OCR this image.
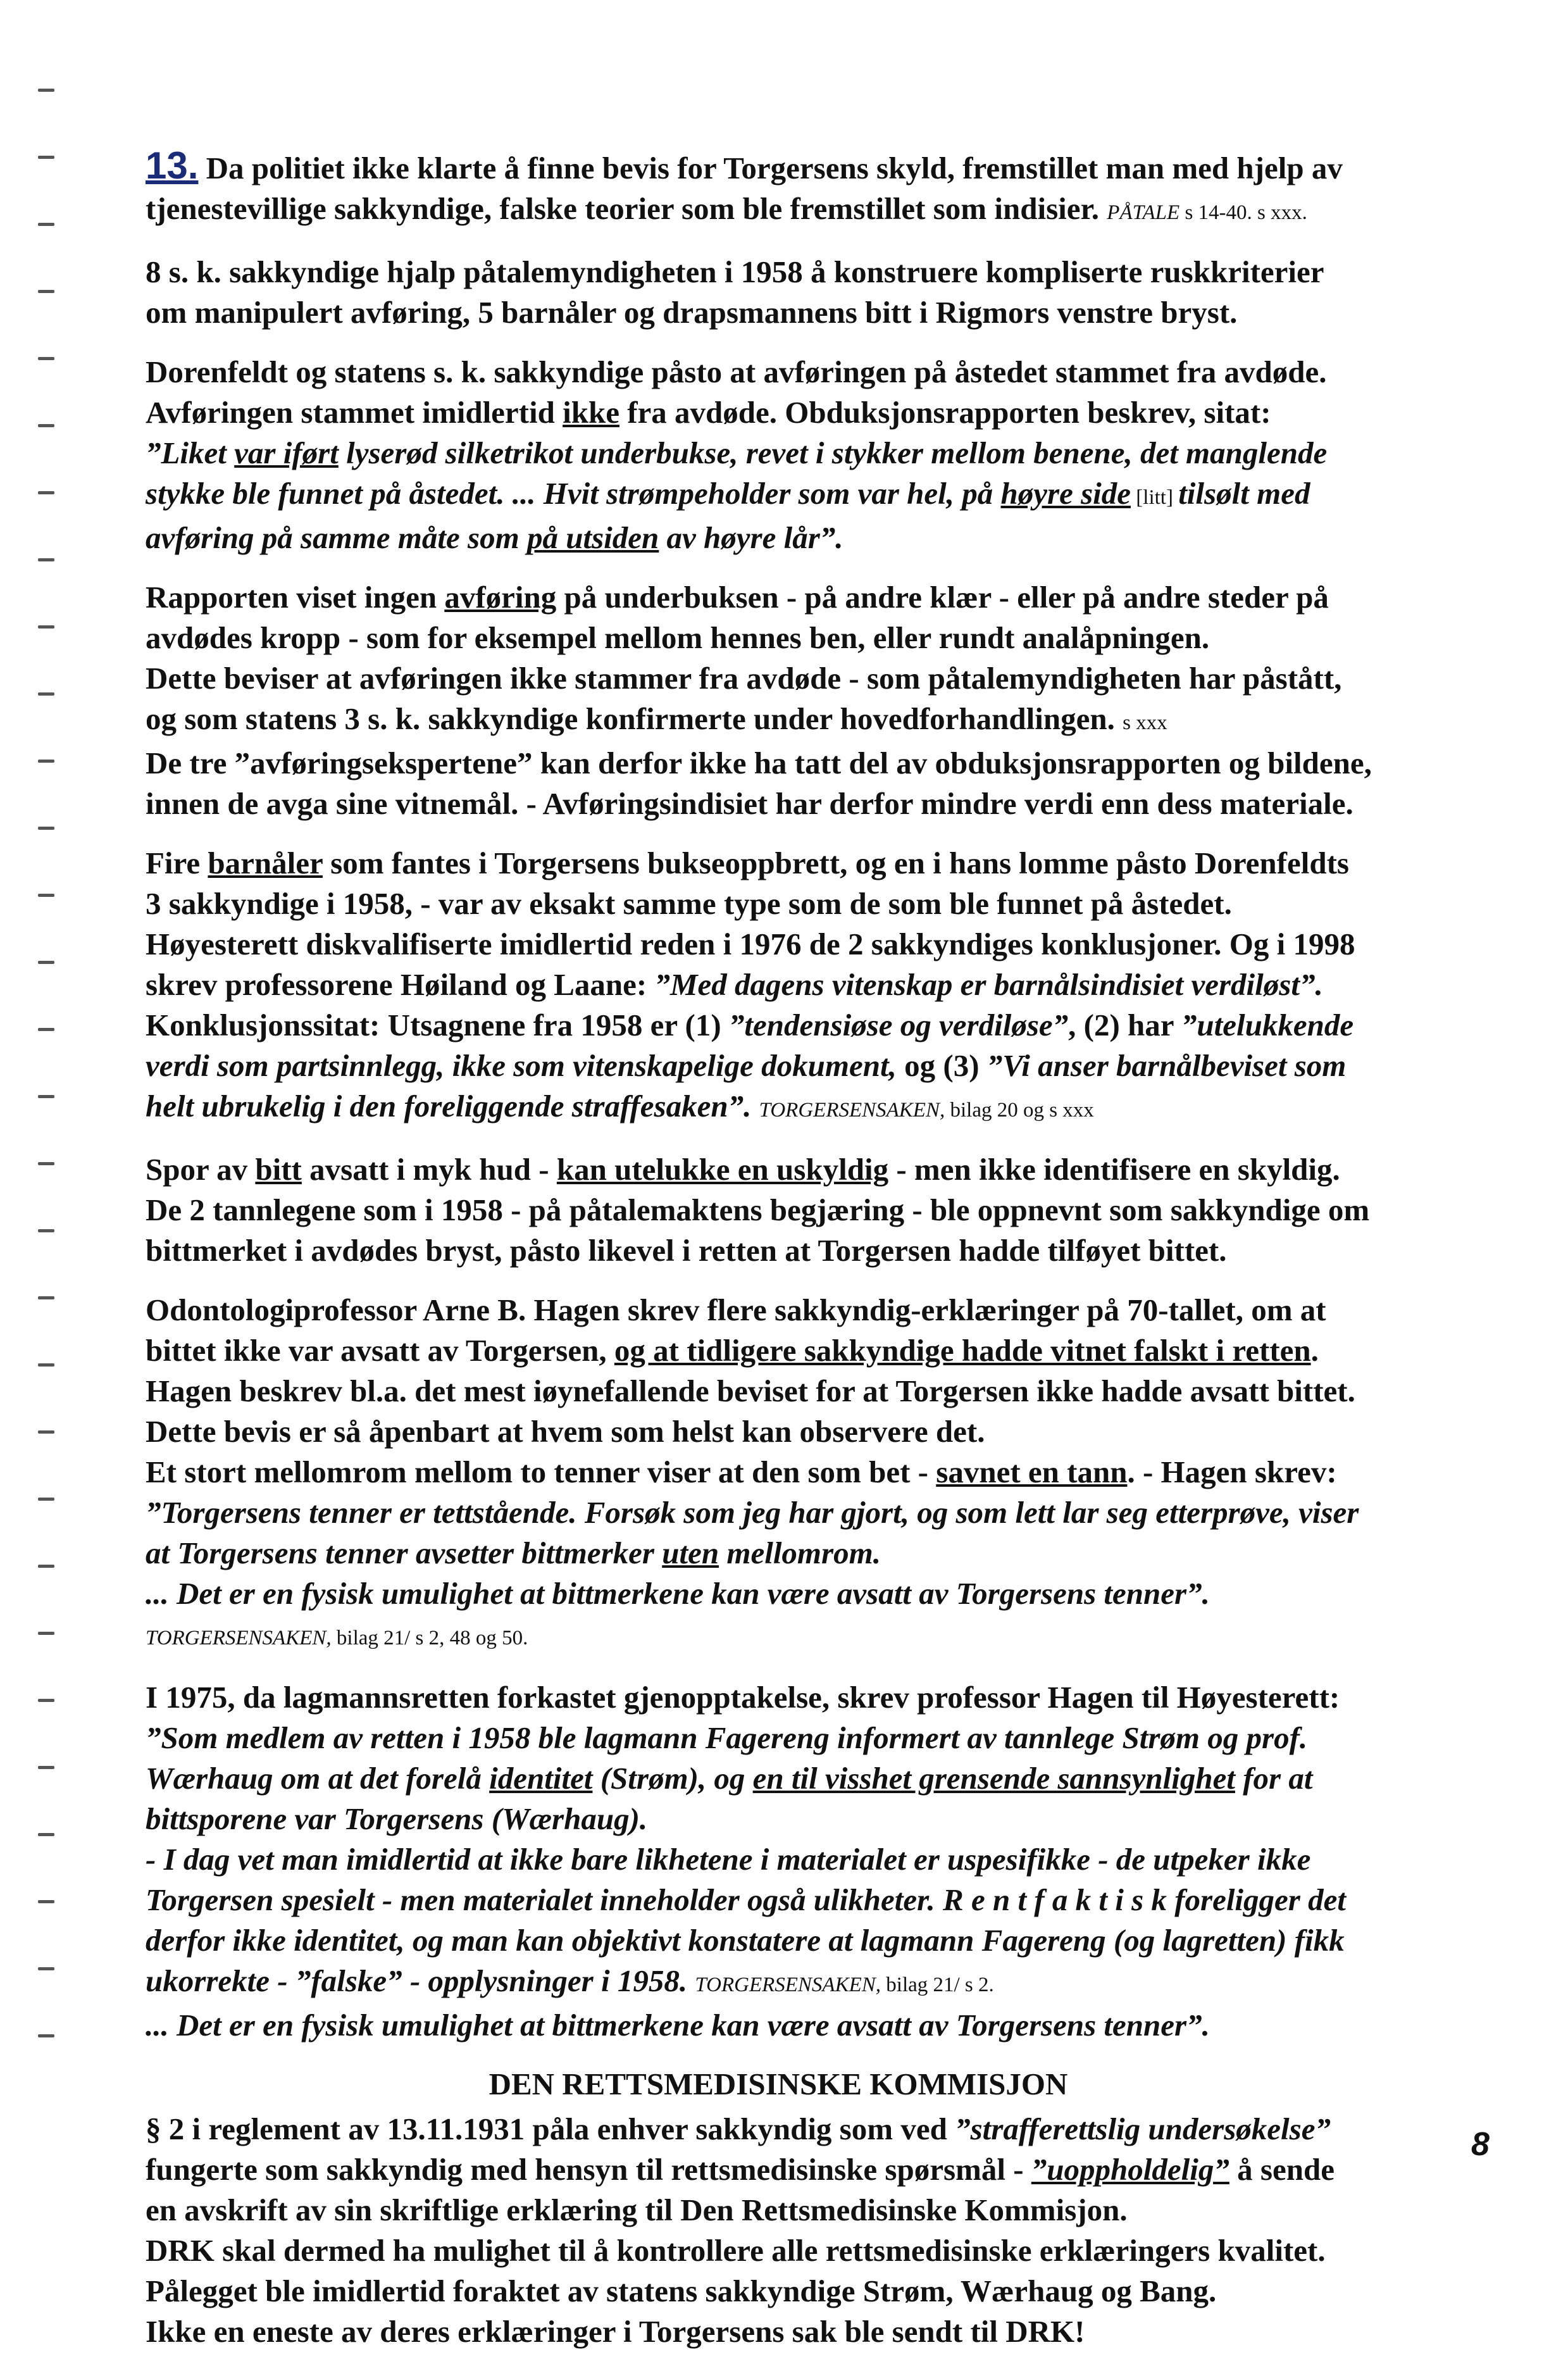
13. Da politiet ikke klarte å finne bevis for Torgersens skyld, fremstillet man med hjelp av
tjenestevillige sakkyndige, falske teorier som ble fremstillet som indisier. PÅTALE s 14-40. s xxx.

8 s. k. sakkyndige hjalp påtalemyndigheten i 1958 å konstruere kompliserte ruskkriterier
om manipulert avføring, 5 barnåler og drapsmannens bitt i Rigmors venstre bryst.

Dorenfeldt og statens s. k. sakkyndige påsto at avføringen på åstedet stammet fra avdøde.
Avføringen stammet imidlertid ikke fra avdøde. Obduksjonsrapporten beskrev, sitat:
”Liket var iført lyserød silketrikot underbukse, revet i stykker mellom benene, det manglende
stykke ble funnet på åstedet. ... Hvit strømpeholder som var hel, på høyre side [litt] tilsølt med
avføring på samme måte som på utsiden av høyre lår”.

Rapporten viset ingen avføring på underbuksen - på andre klær - eller på andre steder på
avdødes kropp - som for eksempel mellom hennes ben, eller rundt analåpningen.
Dette beviser at avføringen ikke stammer fra avdøde - som påtalemyndigheten har påstått,
og som statens 3 s. k. sakkyndige konfirmerte under hovedforhandlingen. s xxx
De tre ”avføringsekspertene” kan derfor ikke ha tatt del av obduksjonsrapporten og bildene,
innen de avga sine vitnemål. - Avføringsindisiet har derfor mindre verdi enn dess materiale.

Fire barnåler som fantes i Torgersens bukseoppbrett, og en i hans lomme påsto Dorenfeldts
3 sakkyndige i 1958, - var av eksakt samme type som de som ble funnet på åstedet.
Høyesterett diskvalifiserte imidlertid reden i 1976 de 2 sakkyndiges konklusjoner. Og i 1998
skrev professorene Høiland og Laane: ”Med dagens vitenskap er barnålsindisiet verdiløst”.
Konklusjonssitat: Utsagnene fra 1958 er (1) ”tendensiøse og verdiløse”, (2) har ”utelukkende
verdi som partsinnlegg, ikke som vitenskapelige dokument, og (3) ”Vi anser barnålbeviset som
helt ubrukelig i den foreliggende straffesaken”. TORGERSENSAKEN, bilag 20 og s xxx

Spor av bitt avsatt i myk hud - kan utelukke en uskyldig - men ikke identifisere en skyldig.
De 2 tannlegene som i 1958 - på påtalemaktens begjæring - ble oppnevnt som sakkyndige om
bittmerket i avdødes bryst, påsto likevel i retten at Torgersen hadde tilføyet bittet.

Odontologiprofessor Arne B. Hagen skrev flere sakkyndig-erklæringer på 70-tallet, om at
bittet ikke var avsatt av Torgersen, og at tidligere sakkyndige hadde vitnet falskt i retten.
Hagen beskrev bl.a. det mest iøynefallende beviset for at Torgersen ikke hadde avsatt bittet.
Dette bevis er så åpenbart at hvem som helst kan observere det.
Et stort mellomrom mellom to tenner viser at den som bet - savnet en tann. - Hagen skrev:
”Torgersens tenner er tettstående. Forsøk som jeg har gjort, og som lett lar seg etterprøve, viser
at Torgersens tenner avsetter bittmerker uten mellomrom.
... Det er en fysisk umulighet at bittmerkene kan være avsatt av Torgersens tenner”.
TORGERSENSAKEN, bilag 21/ s 2, 48 og 50.

I 1975, da lagmannsretten forkastet gjenopptakelse, skrev professor Hagen til Høyesterett:
”Som medlem av retten i 1958 ble lagmann Fagereng informert av tannlege Strøm og prof.
Wærhaug om at det forelå identitet (Strøm), og en til visshet grensende sannsynlighet for at
bittsporene var Torgersens (Wærhaug).
- I dag vet man imidlertid at ikke bare likhetene i materialet er uspesifikke - de utpeker ikke
Torgersen spesielt - men materialet inneholder også ulikheter. R e n t f a k t i s k foreligger det
derfor ikke identitet, og man kan objektivt konstatere at lagmann Fagereng (og lagretten) fikk
ukorrekte - ”falske” - opplysninger i 1958. TORGERSENSAKEN, bilag 21/ s 2.
... Det er en fysisk umulighet at bittmerkene kan være avsatt av Torgersens tenner”.

DEN RETTSMEDISINSKE KOMMISJON

§ 2 i reglement av 13.11.1931 påla enhver sakkyndig som ved ”strafferettslig undersøkelse”
fungerte som sakkyndig med hensyn til rettsmedisinske spørsmål - ”uoppholdelig” å sende
en avskrift av sin skriftlige erklæring til Den Rettsmedisinske Kommisjon.
DRK skal dermed ha mulighet til å kontrollere alle rettsmedisinske erklæringers kvalitet.
Pålegget ble imidlertid foraktet av statens sakkyndige Strøm, Wærhaug og Bang.
Ikke en eneste av deres erklæringer i Torgersens sak ble sendt til DRK!

8
